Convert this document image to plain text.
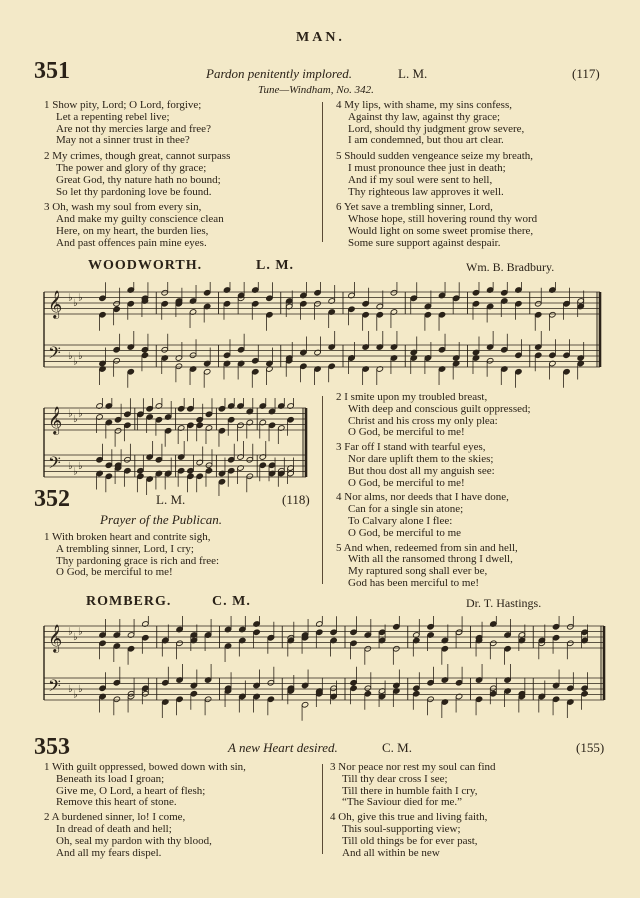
MAN.
351	Pardon penitently implored.	L. M.	(117)
Tune—Windham, No. 342.
1 Show pity, Lord; O Lord, forgive;
Let a repenting rebel live;
Are not thy mercies large and free?
May not a sinner trust in thee?
2 My crimes, though great, cannot surpass
The power and glory of thy grace;
Great God, thy nature hath no bound;
So let thy pardoning love be found.
3 Oh, wash my soul from every sin,
And make my guilty conscience clean
Here, on my heart, the burden lies,
And past offences pain mine eyes.
4 My lips, with shame, my sins confess,
Against thy law, against thy grace;
Lord, should thy judgment grow severe,
I am condemned, but thou art clear.
5 Should sudden vengeance seize my breath,
I must pronounce thee just in death;
And if my soul were sent to hell,
Thy righteous law approves it well.
6 Yet save a trembling sinner, Lord,
Whose hope, still hovering round thy word
Would light on some sweet promise there,
Some sure support against despair.
WOODWORTH.	L. M.	Wm. B. Bradbury.
𝄞
𝄢
♭
♭
♭
♭
♭
♭
𝄞
𝄢
♭
♭
♭
♭
♭
♭
352	L. M.	(118)
Prayer of the Publican.
1 With broken heart and contrite sigh,
A trembling sinner, Lord, I cry;
Thy pardoning grace is rich and free:
O God, be merciful to me!
2 I smite upon my troubled breast,
With deep and conscious guilt oppressed;
Christ and his cross my only plea:
O God, be merciful to me!
3 Far off I stand with tearful eyes,
Nor dare uplift them to the skies;
But thou dost all my anguish see:
O God, be merciful to me!
4 Nor alms, nor deeds that I have done,
Can for a single sin atone;
To Calvary alone I flee:
O God, be merciful to me
5 And when, redeemed from sin and hell,
With all the ransomed throng I dwell,
My raptured song shall ever be,
God has been merciful to me!
ROMBERG.	C. M.	Dr. T. Hastings.
𝄞
𝄢
♭
♭
♭
♭
♭
♭
353	A new Heart desired.	C. M.	(155)
1 With guilt oppressed, bowed down with sin,
Beneath its load I groan;
Give me, O Lord, a heart of flesh;
Remove this heart of stone.
2 A burdened sinner, lo! I come,
In dread of death and hell;
Oh, seal my pardon with thy blood,
And all my fears dispel.
3 Nor peace nor rest my soul can find
Till thy dear cross I see;
Till there in humble faith I cry,
“The Saviour died for me.”
4 Oh, give this true and living faith,
This soul-supporting view;
Till old things be for ever past,
And all within be new
